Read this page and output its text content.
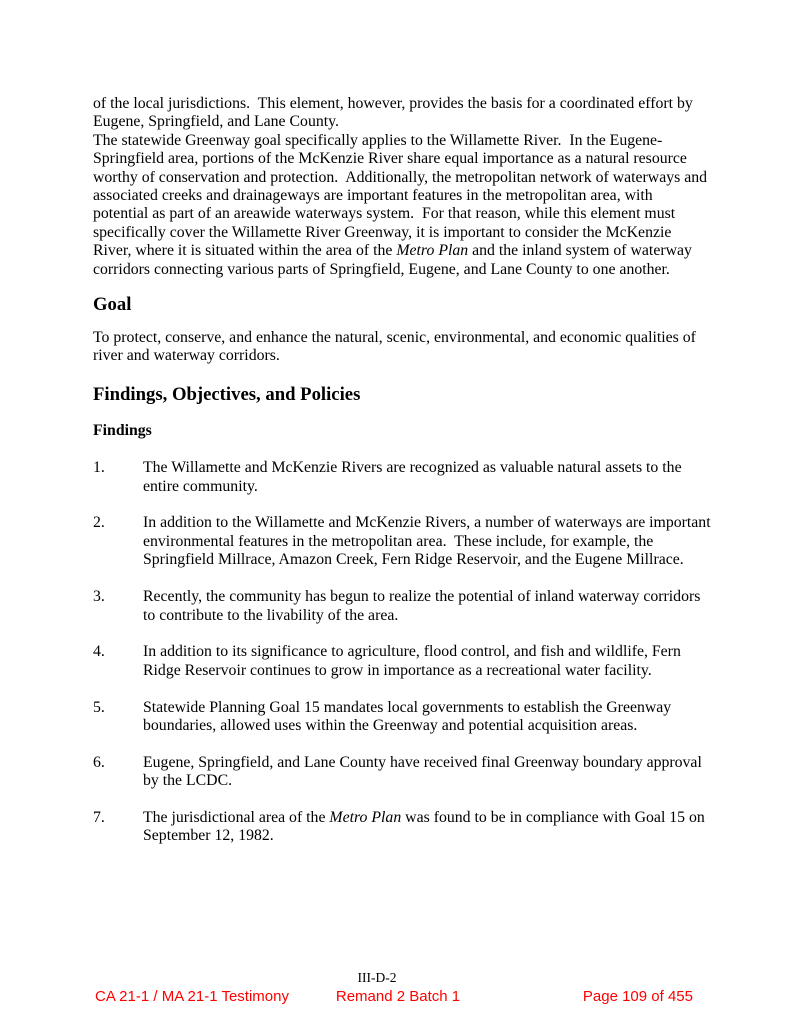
of the local jurisdictions.  This element, however, provides the basis for a coordinated effort by
Eugene, Springfield, and Lane County.
The statewide Greenway goal specifically applies to the Willamette River.  In the Eugene-
Springfield area, portions of the McKenzie River share equal importance as a natural resource
worthy of conservation and protection.  Additionally, the metropolitan network of waterways and
associated creeks and drainageways are important features in the metropolitan area, with
potential as part of an areawide waterways system.  For that reason, while this element must
specifically cover the Willamette River Greenway, it is important to consider the McKenzie
River, where it is situated within the area of the Metro Plan and the inland system of waterway
corridors connecting various parts of Springfield, Eugene, and Lane County to one another.
Goal
To protect, conserve, and enhance the natural, scenic, environmental, and economic qualities of
river and waterway corridors.
Findings, Objectives, and Policies
Findings
1.	The Willamette and McKenzie Rivers are recognized as valuable natural assets to the
entire community.
2.	In addition to the Willamette and McKenzie Rivers, a number of waterways are important
environmental features in the metropolitan area.  These include, for example, the
Springfield Millrace, Amazon Creek, Fern Ridge Reservoir, and the Eugene Millrace.
3.	Recently, the community has begun to realize the potential of inland waterway corridors
to contribute to the livability of the area.
4.	In addition to its significance to agriculture, flood control, and fish and wildlife, Fern
Ridge Reservoir continues to grow in importance as a recreational water facility.
5.	Statewide Planning Goal 15 mandates local governments to establish the Greenway
boundaries, allowed uses within the Greenway and potential acquisition areas.
6.	Eugene, Springfield, and Lane County have received final Greenway boundary approval
by the LCDC.
7.	The jurisdictional area of the Metro Plan was found to be in compliance with Goal 15 on
September 12, 1982.
III-D-2
CA 21-1 / MA 21-1 Testimony	Remand 2 Batch 1	Page 109 of 455
